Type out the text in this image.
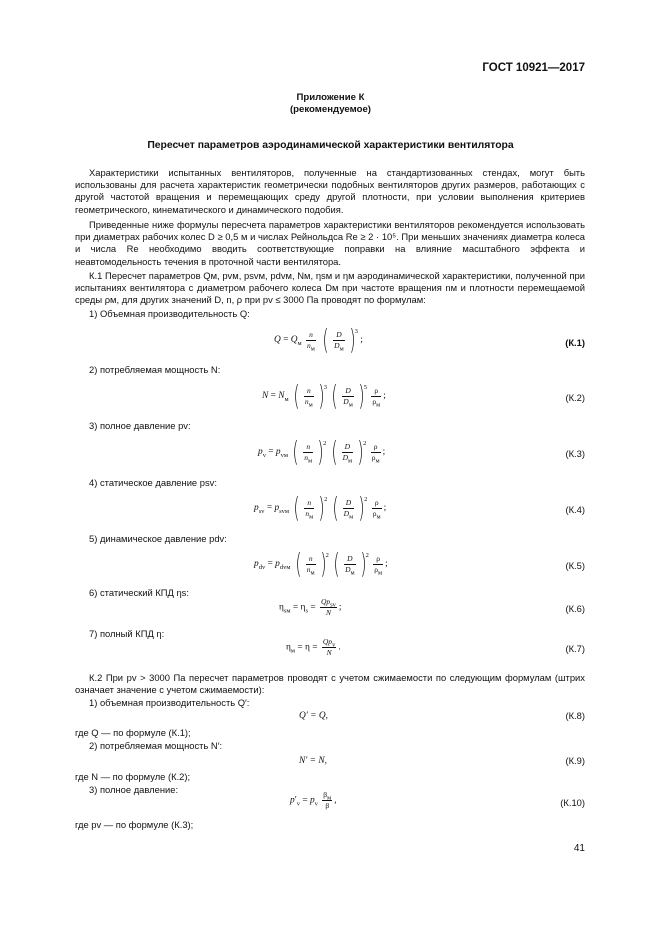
ГОСТ 10921—2017
Приложение К
(рекомендуемое)
Пересчет параметров аэродинамической характеристики вентилятора

Характеристики испытанных вентиляторов, полученные на стандартизованных стендах, могут быть использованы для расчета характеристик геометрически подобных вентиляторов других размеров, работающих с другой частотой вращения и перемещающих среду другой плотности, при условии выполнения критериев геометрического, кинематического и динамического подобия.

Приведенные ниже формулы пересчета параметров характеристики вентиляторов рекомендуется использовать при диаметрах рабочих колес D ≥ 0,5 м и числах Рейнольдса Re ≥ 2 · 10⁵. При меньших значениях диаметра колеса и числа Re необходимо вводить соответствующие поправки на влияние масштабного эффекта и неавтомодельность течения в проточной части вентилятора.

К.1 Пересчет параметров Qм, pvм, psvм, pdvм, Nм, ηsм и ηм аэродинамической характеристики, полученной при испытаниях вентилятора с диаметром рабочего колеса Dм при частоте вращения nм и плотности перемещаемой среды ρм, для других значений D, n, ρ при pv ≤ 3000 Па проводят по формулам:

1) Объемная производительность Q:
$Q = Q_м \frac{n}{n_м}$ ( $\frac{D}{D_м} )3$ ;	(К.1)
2) потребляемая мощность N:
$N = N_м$ ( $\frac{n}{n_м} )3$ ( $\frac{D}{D_м} )5 \frac{\rho}{\rho_м}$ ;	(К.2)
3) полное давление pv:
$p_v = p_{vм}$ ( $\frac{n}{n_м} )2$ ( $\frac{D}{D_м} )2 \frac{\rho}{\rho_м}$ ;	(К.3)
4) статическое давление psv:
$p_{sv} = p_{svм}$ ( $\frac{n}{n_м} )2$ ( $\frac{D}{D_м} )2 \frac{\rho}{\rho_м}$ ;	(К.4)
5) динамическое давление pdv:
$p_{dv} = p_{dvм}$ ( $\frac{n}{n_м} )2$ ( $\frac{D}{D_м} )2 \frac{\rho}{\rho_м}$ ;	(К.5)
6) статический КПД ηs:
$\eta_{sм} = \eta_s = \frac{Qp_{sv}}{N}$ ;	(К.6)
7) полный КПД η:
$\eta_м = \eta = \frac{Qp_v}{N}$ .	(К.7)

К.2 При pv > 3000 Па пересчет параметров проводят с учетом сжимаемости по следующим формулам (штрих означает значение с учетом сжимаемости):

1) объемная производительность Q′:
Q′ = Q,	(К.8)
где Q — по формуле (К.1);
2) потребляемая мощность N′:
N′ = N,	(К.9)
где N — по формуле (К.2);
3) полное давление:
$p'_v = p_v \frac{\beta_м}{\beta}$ ,	(К.10)
где pv — по формуле (К.3);
41
